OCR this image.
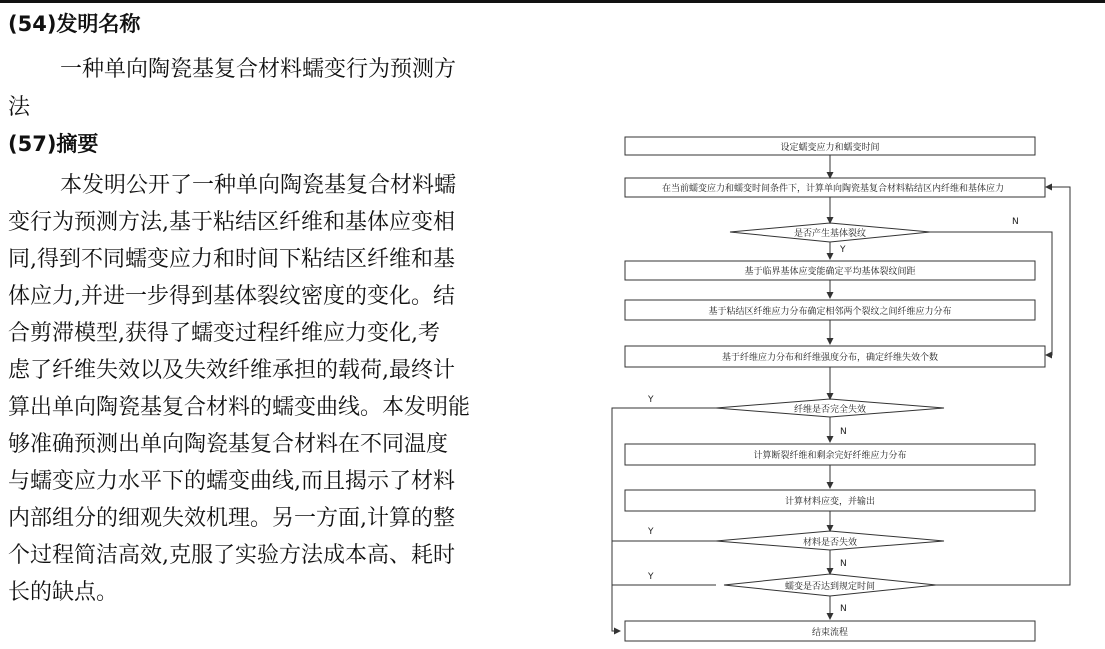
(54)发明名称
一种单向陶瓷基复合材料蠕变行为预测方
法
(57)摘要
本发明公开了一种单向陶瓷基复合材料蠕
变行为预测方法,基于粘结区纤维和基体应变相
同,得到不同蠕变应力和时间下粘结区纤维和基
体应力,并进一步得到基体裂纹密度的变化。结
合剪滞模型,获得了蠕变过程纤维应力变化,考
虑了纤维失效以及失效纤维承担的载荷,最终计
算出单向陶瓷基复合材料的蠕变曲线。本发明能
够准确预测出单向陶瓷基复合材料在不同温度
与蠕变应力水平下的蠕变曲线,而且揭示了材料
内部组分的细观失效机理。另一方面,计算的整
个过程简洁高效,克服了实验方法成本高、耗时
长的缺点。
设定蠕变应力和蠕变时间
在当前蠕变应力和蠕变时间条件下，计算单向陶瓷基复合材料粘结区内纤维和基体应力
是否产生基体裂纹
基于临界基体应变能确定平均基体裂纹间距
基于粘结区纤维应力分布确定相邻两个裂纹之间纤维应力分布
基于纤维应力分布和纤维强度分布，确定纤维失效个数
纤维是否完全失效
计算断裂纤维和剩余完好纤维应力分布
计算材料应变，并输出
材料是否失效
蠕变是否达到规定时间
结束流程
Y
N
Y
N
Y
N
Y
N
